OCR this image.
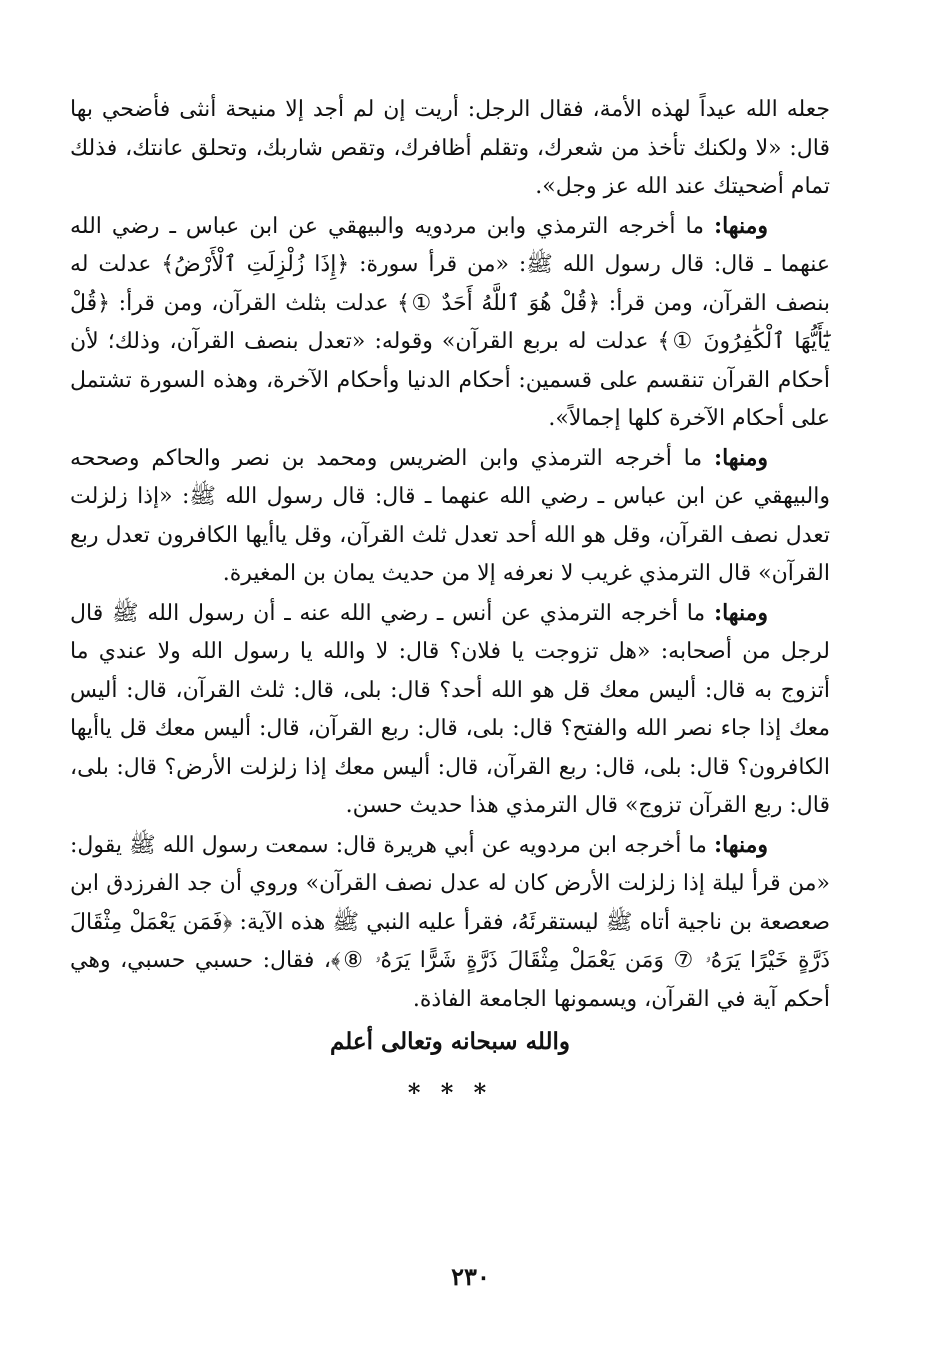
جعله الله عيداً لهذه الأمة، فقال الرجل: أريت إن لم أجد إلا منيحة أنثى فأضحي بها قال: «لا ولكنك تأخذ من شعرك، وتقلم أظافرك، وتقص شاربك، وتحلق عانتك، فذلك تمام أضحيتك عند الله عز وجل».

ومنها: ما أخرجه الترمذي وابن مردويه والبيهقي عن ابن عباس ـ رضي الله عنهما ـ قال: قال رسول الله ﷺ: «من قرأ سورة: ﴿إِذَا زُلْزِلَتِ ٱلْأَرْضُ﴾ عدلت له بنصف القرآن، ومن قرأ: ﴿قُلْ هُوَ ٱللَّهُ أَحَدٌ ①﴾ عدلت بثلث القرآن، ومن قرأ: ﴿قُلْ يَٰٓأَيُّهَا ٱلْكَٰفِرُونَ ①﴾ عدلت له بربع القرآن» وقوله: «تعدل بنصف القرآن، وذلك؛ لأن أحكام القرآن تنقسم على قسمين: أحكام الدنيا وأحكام الآخرة، وهذه السورة تشتمل على أحكام الآخرة كلها إجمالاً».

ومنها: ما أخرجه الترمذي وابن الضريس ومحمد بن نصر والحاكم وصححه والبيهقي عن ابن عباس ـ رضي الله عنهما ـ قال: قال رسول الله ﷺ: «إذا زلزلت تعدل نصف القرآن، وقل هو الله أحد تعدل ثلث القرآن، وقل ياأيها الكافرون تعدل ربع القرآن» قال الترمذي غريب لا نعرفه إلا من حديث يمان بن المغيرة.

ومنها: ما أخرجه الترمذي عن أنس ـ رضي الله عنه ـ أن رسول الله ﷺ قال لرجل من أصحابه: «هل تزوجت يا فلان؟ قال: لا والله يا رسول الله ولا عندي ما أتزوج به قال: أليس معك قل هو الله أحد؟ قال: بلى، قال: ثلث القرآن، قال: أليس معك إذا جاء نصر الله والفتح؟ قال: بلى، قال: ربع القرآن، قال: أليس معك قل ياأيها الكافرون؟ قال: بلى، قال: ربع القرآن، قال: أليس معك إذا زلزلت الأرض؟ قال: بلى، قال: ربع القرآن تزوج» قال الترمذي هذا حديث حسن.

ومنها: ما أخرجه ابن مردويه عن أبي هريرة قال: سمعت رسول الله ﷺ يقول: «من قرأ ليلة إذا زلزلت الأرض كان له عدل نصف القرآن» وروي أن جد الفرزدق ابن صعصعة بن ناجية أتاه ﷺ ليستقرئَهُ، فقرأ عليه النبي ﷺ هذه الآية: ﴿فَمَن يَعْمَلْ مِثْقَالَ ذَرَّةٍ خَيْرًا يَرَهُۥ ⑦ وَمَن يَعْمَلْ مِثْقَالَ ذَرَّةٍ شَرًّا يَرَهُۥ ⑧﴾، فقال: حسبي حسبي، وهي أحكم آية في القرآن، ويسمونها الجامعة الفاذة.

والله سبحانه وتعالى أعلم
* * *
٢٣٠
